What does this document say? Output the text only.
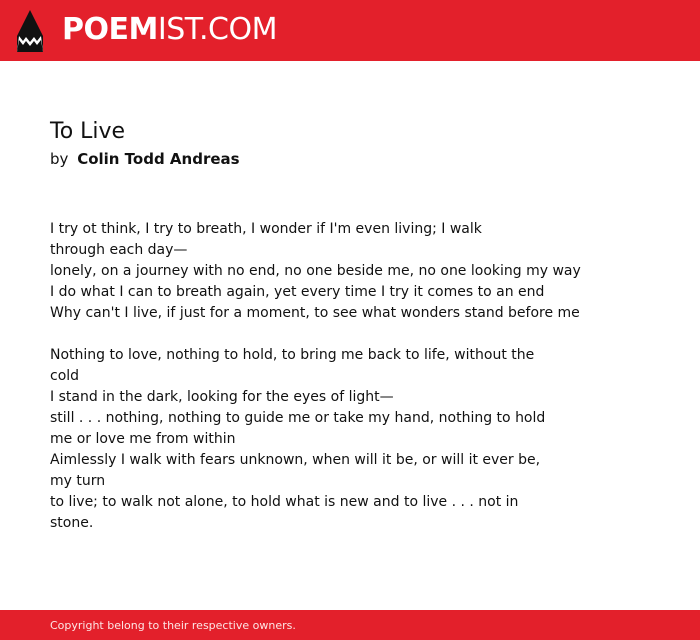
POEMIST.COM
To Live
by Colin Todd Andreas
I try ot think, I try to breath, I wonder if I'm even living; I walk
through each day—
lonely, on a journey with no end, no one beside me, no one looking my way
I do what I can to breath again, yet every time I try it comes to an end
Why can't I live, if just for a moment, to see what wonders stand before me
Nothing to love, nothing to hold, to bring me back to life, without the
cold
I stand in the dark, looking for the eyes of light—
still . . . nothing, nothing to guide me or take my hand, nothing to hold
me or love me from within
Aimlessly I walk with fears unknown, when will it be, or will it ever be,
my turn
to live; to walk not alone, to hold what is new and to live . . . not in
stone.
Copyright belong to their respective owners.
